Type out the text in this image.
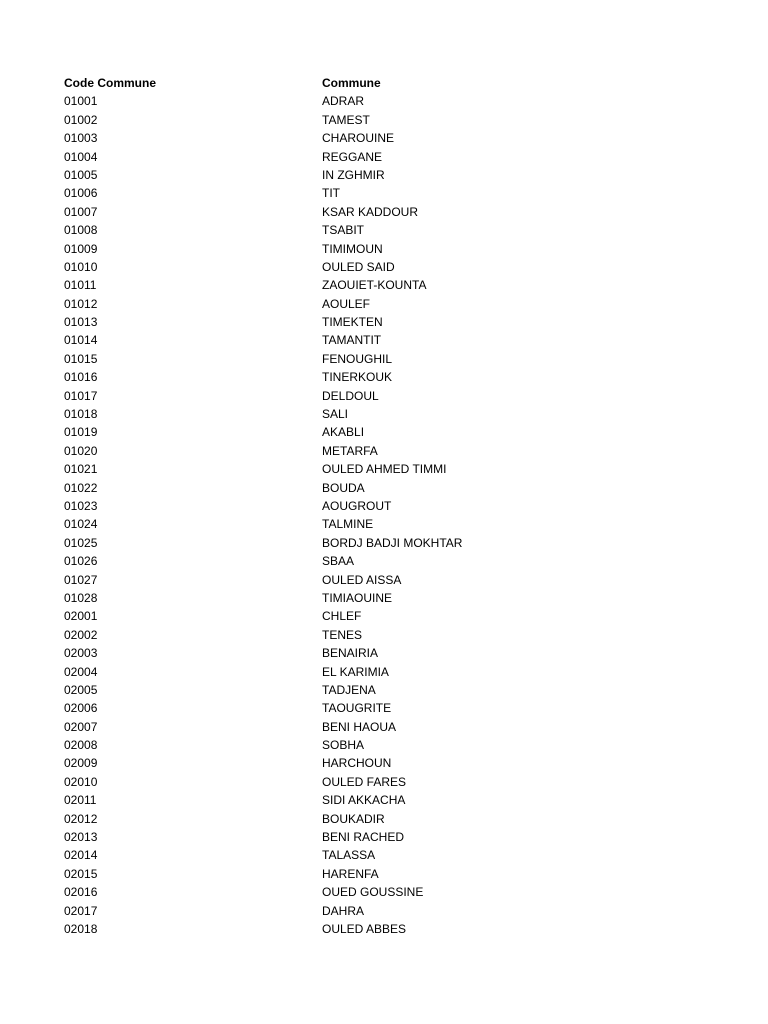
Code Commune	Commune
01001	ADRAR
01002	TAMEST
01003	CHAROUINE
01004	REGGANE
01005	IN ZGHMIR
01006	TIT
01007	KSAR KADDOUR
01008	TSABIT
01009	TIMIMOUN
01010	OULED SAID
01011	ZAOUIET-KOUNTA
01012	AOULEF
01013	TIMEKTEN
01014	TAMANTIT
01015	FENOUGHIL
01016	TINERKOUK
01017	DELDOUL
01018	SALI
01019	AKABLI
01020	METARFA
01021	OULED AHMED TIMMI
01022	BOUDA
01023	AOUGROUT
01024	TALMINE
01025	BORDJ BADJI MOKHTAR
01026	SBAA
01027	OULED AISSA
01028	TIMIAOUINE
02001	CHLEF
02002	TENES
02003	BENAIRIA
02004	EL KARIMIA
02005	TADJENA
02006	TAOUGRITE
02007	BENI HAOUA
02008	SOBHA
02009	HARCHOUN
02010	OULED FARES
02011	SIDI AKKACHA
02012	BOUKADIR
02013	BENI RACHED
02014	TALASSA
02015	HARENFA
02016	OUED GOUSSINE
02017	DAHRA
02018	OULED ABBES
